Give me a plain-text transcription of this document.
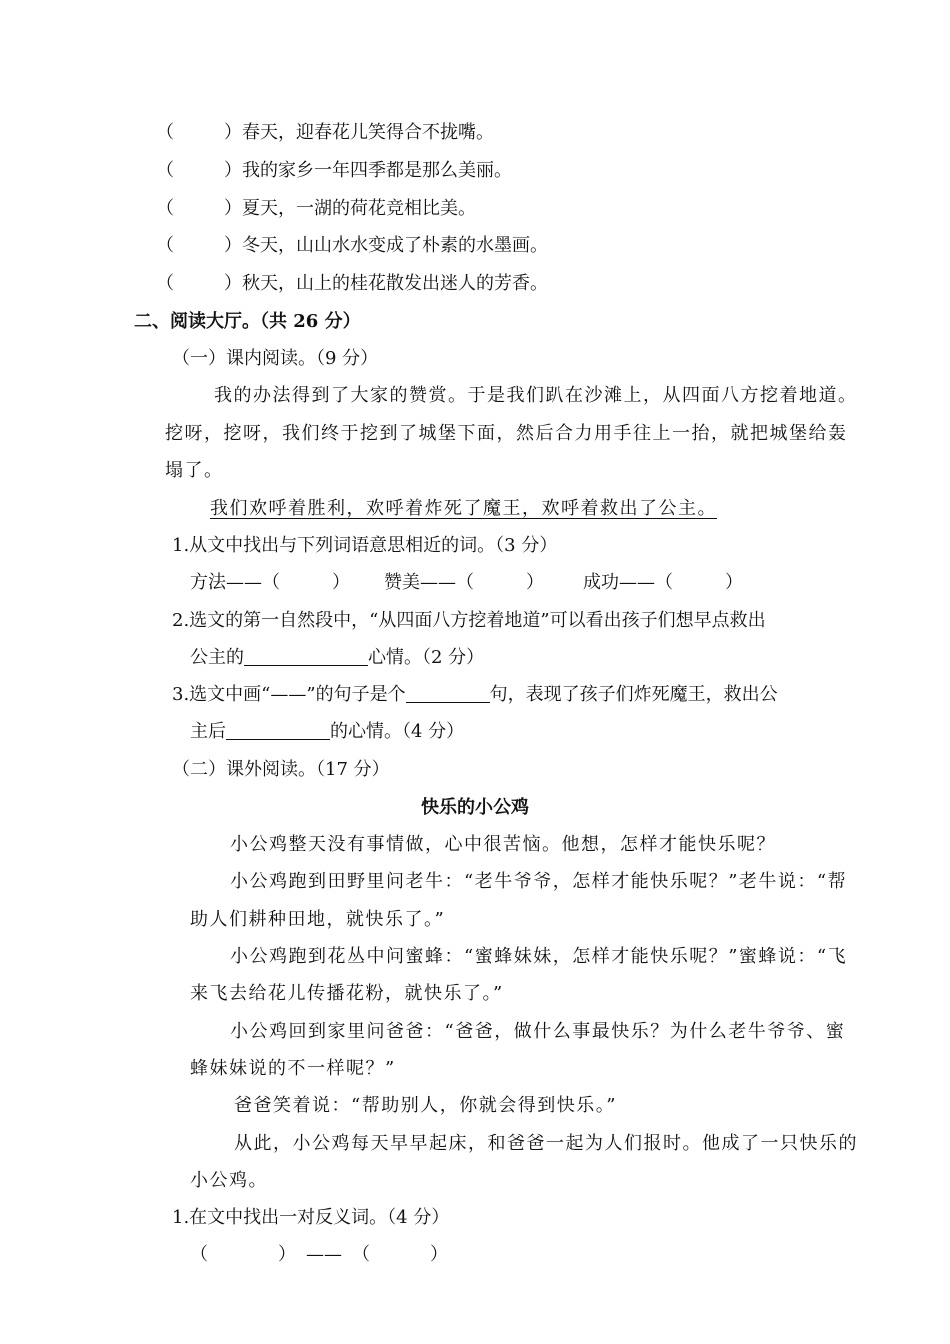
（	）春天，迎春花儿笑得合不拢嘴。
（	）我的家乡一年四季都是那么美丽。
（	）夏天，一湖的荷花竞相比美。
（	）冬天，山山水水变成了朴素的水墨画。
（	）秋天，山上的桂花散发出迷人的芳香。
二、阅读大厅。（共 26 分）
（一）课内阅读。（9 分）
我的办法得到了大家的赞赏。于是我们趴在沙滩上，从四面八方挖着地道。
挖呀，挖呀，我们终于挖到了城堡下面，然后合力用手往上一抬，就把城堡给轰
塌了。
我们欢呼着胜利，欢呼着炸死了魔王，欢呼着救出了公主。
1.从文中找出与下列词语意思相近的词。（3 分）
方法——（	） 赞美——（	） 成功——（	）
2.选文的第一自然段中，“从四面八方挖着地道”可以看出孩子们想早点救出
公主的	心情。（2 分）
3.选文中画“——”的句子是个	句，表现了孩子们炸死魔王，救出公
主后	的心情。（4 分）
（二）课外阅读。（17 分）
快乐的小公鸡
小公鸡整天没有事情做，心中很苦恼。他想，怎样才能快乐呢？
小公鸡跑到田野里问老牛：“老牛爷爷，怎样才能快乐呢？”老牛说：“帮
助人们耕种田地，就快乐了。”
小公鸡跑到花丛中问蜜蜂：“蜜蜂妹妹，怎样才能快乐呢？”蜜蜂说：“飞
来飞去给花儿传播花粉，就快乐了。”
小公鸡回到家里问爸爸：“爸爸，做什么事最快乐？为什么老牛爷爷、蜜
蜂妹妹说的不一样呢？”
爸爸笑着说：“帮助别人，你就会得到快乐。”
从此，小公鸡每天早早起床，和爸爸一起为人们报时。他成了一只快乐的
小公鸡。
1.在文中找出一对反义词。（4 分）
（	） —— （	）
